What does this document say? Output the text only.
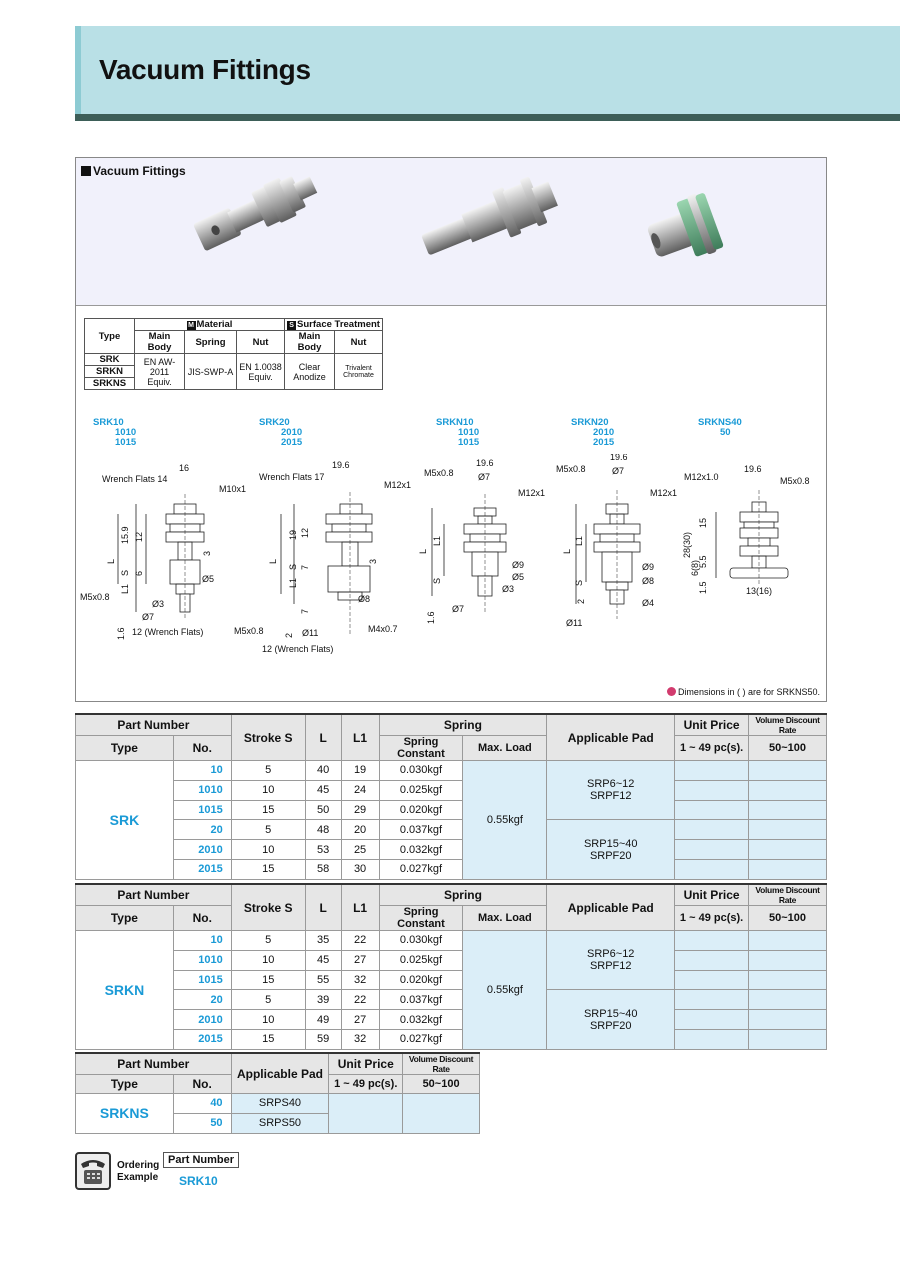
Vacuum Fittings
Vacuum Fittings
Type	M Material			S Surface Treatment	
	Main Body	Spring	Nut	Main Body	Nut
SRK	EN AW-2011 Equiv.	JIS-SWP-A	EN 1.0038 Equiv.	Clear Anodize	Trivalent Chromate
SRKN					
SRKNS					
SRK10
1010
1015
SRK20
2010
2015
SRKN10
1010
1015
SRKN20
2010
2015
SRKNS40
50
Wrench Flats 14
16
M10x1
15.9 12
L
S 6
L1
3
Ø5
M5x0.8
Ø3
Ø7
12 (Wrench Flats)
1.6
Wrench Flats 17
19.6
M12x1
19 12
L
S 7
L1
3
Ø8
7
M5x0.8 2 Ø11	M4x0.7
12 (Wrench Flats)
M5x0.8
19.6
Ø7
M12x1
L
L1
S
Ø9
Ø5
Ø3
Ø7
1.6
M5x0.8
19.6
Ø7
M12x1
L
L1
S
Ø9
Ø8
Ø4
2
Ø11
M12x1.0
19.6
M5x0.8
15
28(30)
5.5
6(8)
1.5	13(16)
Dimensions in ( ) are for SRKNS50.
Part Number		Stroke S	L	L1	Spring		Applicable Pad	Unit Price	Volume Discount Rate
Type	No.				Spring Constant	Max. Load		1 ~ 49 pc(s).	50~100
SRK	10	5	40	19	0.030kgf	0.55kgf	SRP6~12
SRPF12		
	1010	10	45	24	0.025kgf				
	1015	15	50	29	0.020kgf				
	20	5	48	20	0.037kgf		SRP15~40
SRPF20		
	2010	10	53	25	0.032kgf				
	2015	15	58	30	0.027kgf				
Part Number		Stroke S	L	L1	Spring		Applicable Pad	Unit Price	Volume Discount Rate
Type	No.				Spring Constant	Max. Load		1 ~ 49 pc(s).	50~100
SRKN	10	5	35	22	0.030kgf	0.55kgf	SRP6~12
SRPF12		
	1010	10	45	27	0.025kgf				
	1015	15	55	32	0.020kgf				
	20	5	39	22	0.037kgf		SRP15~40
SRPF20		
	2010	10	49	27	0.032kgf				
	2015	15	59	32	0.027kgf				
Part Number		Applicable Pad	Unit Price	Volume Discount Rate
Type	No.		1 ~ 49 pc(s).	50~100
SRKNS	40	SRPS40		
	50	SRPS50		
Ordering Example
Part Number
SRK10
